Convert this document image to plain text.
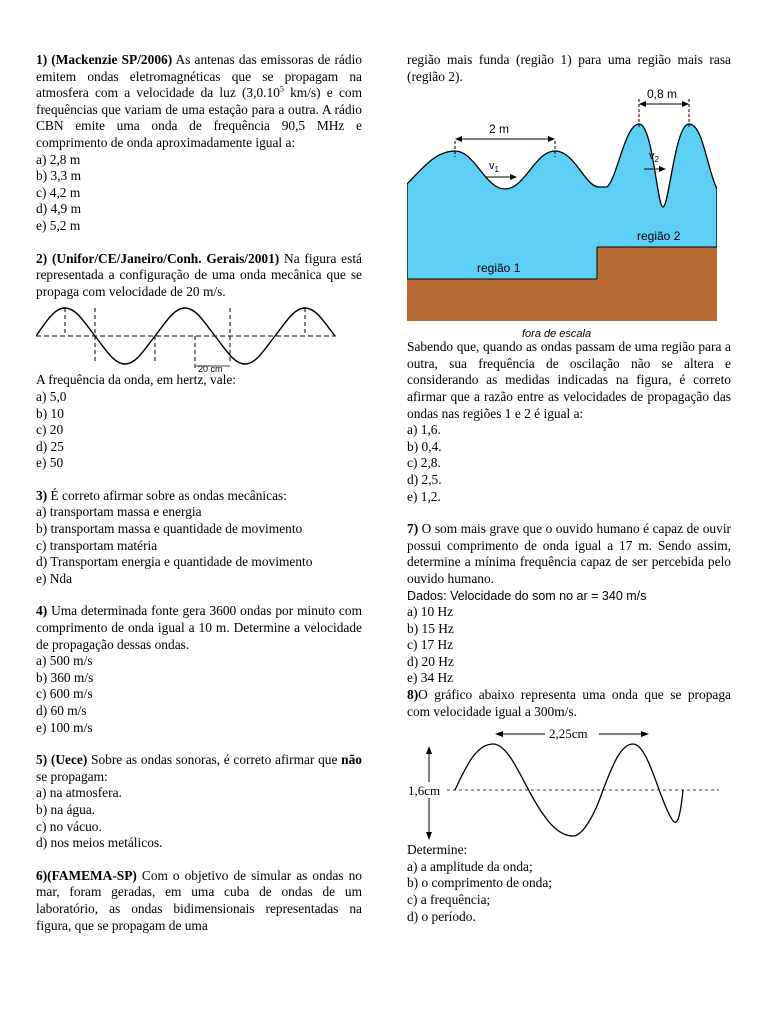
1) (Mackenzie SP/2006) As antenas das emissoras de rádio emitem ondas eletromagnéticas que se propagam na atmosfera com a velocidade da luz (3,0.10$^5$ km/s) e com frequências que variam de uma estação para a outra. A rádio CBN emite uma onda de frequência 90,5 MHz e comprimento de onda aproximadamente igual a:
a) 2,8 m
b) 3,3 m
c) 4,2 m
d) 4,9 m
e) 5,2 m
2) (Unifor/CE/Janeiro/Conh. Gerais/2001) Na figura está representada a configuração de uma onda mecânica que se propaga com velocidade de 20 m/s.
20 cm
A frequência da onda, em hertz, vale:
a) 5,0
b) 10
c) 20
d) 25
e) 50
3) É correto afirmar sobre as ondas mecânicas:
a) transportam massa e energia
b) transportam massa e quantidade de movimento
c) transportam matéria
d) Transportam energia e quantidade de movimento
e) Nda
4) Uma determinada fonte gera 3600 ondas por minuto com comprimento de onda igual a 10 m. Determine a velocidade de propagação dessas ondas.
a) 500 m/s
b) 360 m/s
c) 600 m/s
d) 60 m/s
e) 100 m/s
5) (Uece) Sobre as ondas sonoras, é correto afirmar que não se propagam:
a) na atmosfera.
b) na água.
c) no vácuo.
d) nos meios metálicos.
6)(FAMEMA-SP) Com o objetivo de simular as ondas no mar, foram geradas, em uma cuba de ondas de um laboratório, as ondas bidimensionais representadas na figura, que se propagam de uma
região mais funda (região 1) para uma região mais rasa (região 2).
2 m
0,8 m
$v_1$
$v_2$
região 1
região 2
fora de escala
Sabendo que, quando as ondas passam de uma região para a outra, sua frequência de oscilação não se altera e considerando as medidas indicadas na figura, é correto afirmar que a razão entre as velocidades de propagação das ondas nas regiões 1 e 2 é igual a:
a) 1,6.
b) 0,4.
c) 2,8.
d) 2,5.
e) 1,2.
7) O som mais grave que o ouvido humano é capaz de ouvir possui comprimento de onda igual a 17 m. Sendo assim, determine a mínima frequência capaz de ser percebida pelo ouvido humano.
Dados: Velocidade do som no ar = 340 m/s
a) 10 Hz
b) 15 Hz
c) 17 Hz
d) 20 Hz
e) 34 Hz
8)O gráfico abaixo representa uma onda que se propaga com velocidade igual a 300m/s.
2,25cm
1,6cm
Determine:
a) a amplitude da onda;
b) o comprimento de onda;
c) a frequência;
d) o período.
